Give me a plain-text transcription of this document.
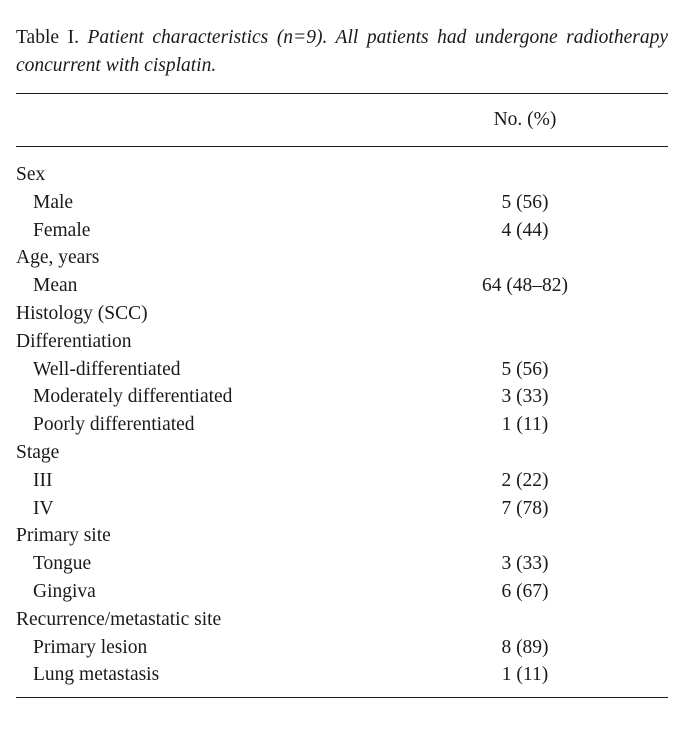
Table I. Patient characteristics (n=9). All patients had undergone radiotherapy concurrent with cisplatin.
No. (%)
Sex
Male	5 (56)
Female	4 (44)
Age, years
Mean	64 (48–82)
Histology (SCC)
Differentiation
Well-differentiated	5 (56)
Moderately differentiated	3 (33)
Poorly differentiated	1 (11)
Stage
III	2 (22)
IV	7 (78)
Primary site
Tongue	3 (33)
Gingiva	6 (67)
Recurrence/metastatic site
Primary lesion	8 (89)
Lung metastasis	1 (11)
